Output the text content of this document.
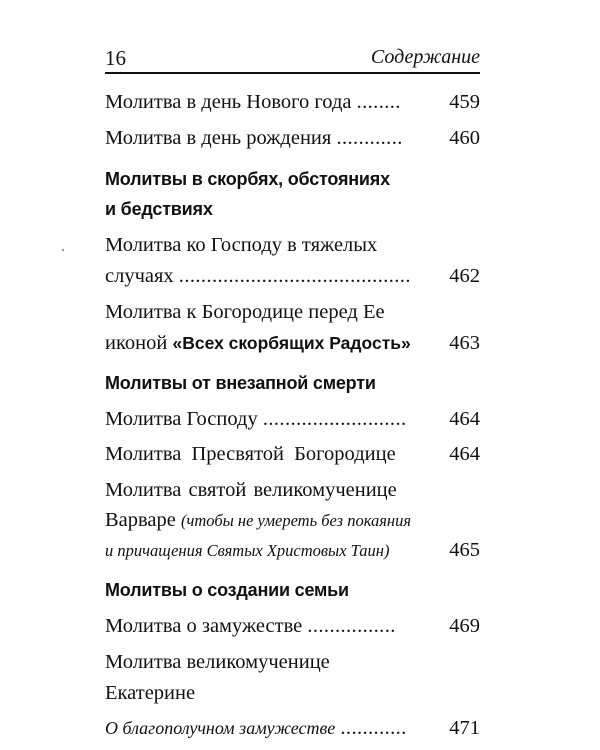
16	Содержание
Молитва в день Нового года ........ 459
Молитва в день рождения ............ 460
Молитвы в скорбях, обстояниях
и бедствиях
Молитва ко Господу в тяжелых
случаях .......................................... 462
Молитва к Богородице перед Ее
иконой «Всех скорбящих Радость» 463
Молитвы от внезапной смерти
Молитва Господу .......................... 464
Молитва Пресвятой Богородице	464
Молитва святой великомученице
Варваре (чтобы не умереть без покаяния
и причащения Святых Христовых Таин)	465
Молитвы о создании семьи
Молитва о замужестве ................	469
Молитва великомученице
Екатерине
О благополучном замужестве ............ 471
